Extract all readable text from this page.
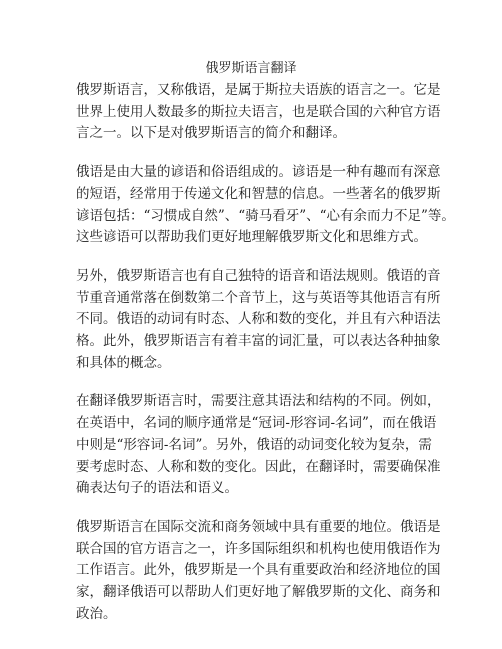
俄罗斯语言翻译

俄罗斯语言，又称俄语，是属于斯拉夫语族的语言之一。它是
世界上使用人数最多的斯拉夫语言，也是联合国的六种官方语
言之一。以下是对俄罗斯语言的简介和翻译。

俄语是由大量的谚语和俗语组成的。谚语是一种有趣而有深意
的短语，经常用于传递文化和智慧的信息。一些著名的俄罗斯
谚语包括：“习惯成自然”、“骑马看牙”、“心有余而力不足”等。
这些谚语可以帮助我们更好地理解俄罗斯文化和思维方式。

另外，俄罗斯语言也有自己独特的语音和语法规则。俄语的音
节重音通常落在倒数第二个音节上，这与英语等其他语言有所
不同。俄语的动词有时态、人称和数的变化，并且有六种语法
格。此外，俄罗斯语言有着丰富的词汇量，可以表达各种抽象
和具体的概念。

在翻译俄罗斯语言时，需要注意其语法和结构的不同。例如，
在英语中，名词的顺序通常是“冠词-形容词-名词”，而在俄语
中则是“形容词-名词”。另外，俄语的动词变化较为复杂，需
要考虑时态、人称和数的变化。因此，在翻译时，需要确保准
确表达句子的语法和语义。

俄罗斯语言在国际交流和商务领域中具有重要的地位。俄语是
联合国的官方语言之一，许多国际组织和机构也使用俄语作为
工作语言。此外，俄罗斯是一个具有重要政治和经济地位的国
家，翻译俄语可以帮助人们更好地了解俄罗斯的文化、商务和
政治。
